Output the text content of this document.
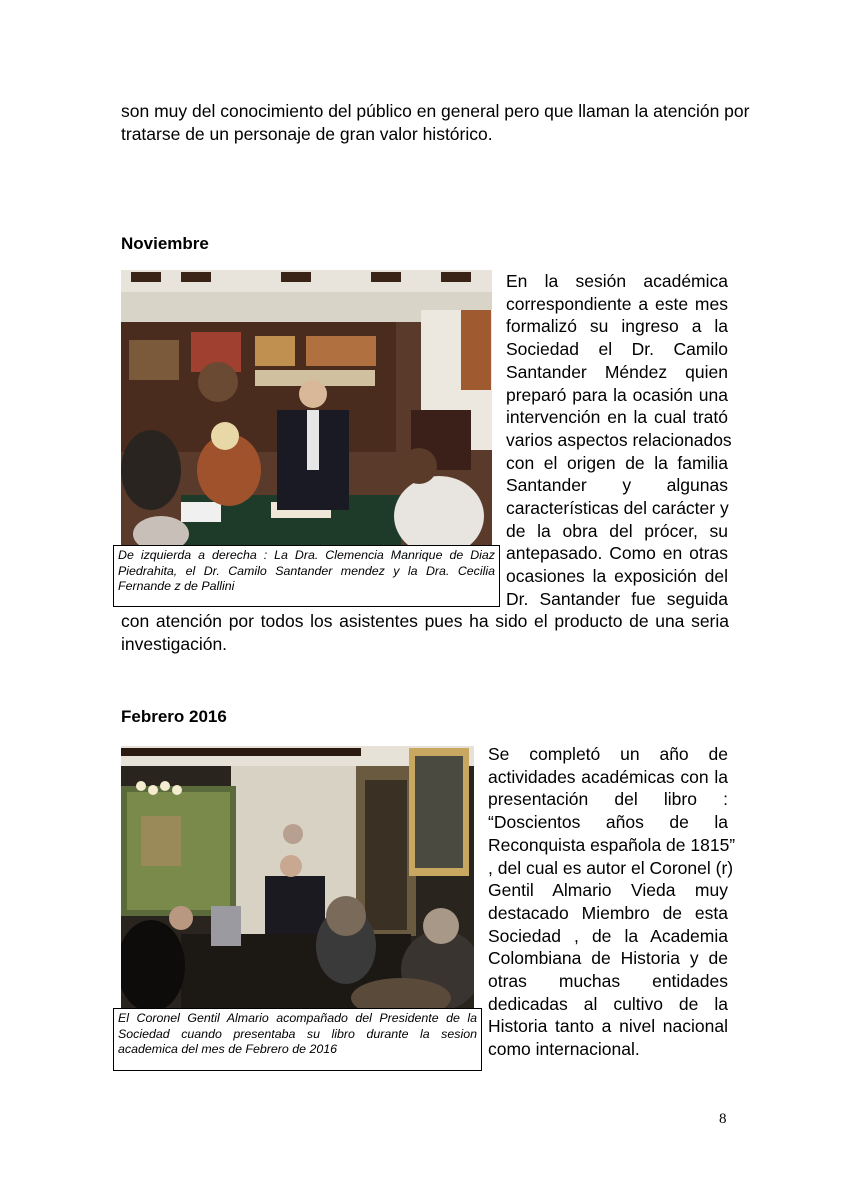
son muy del conocimiento del público en general pero que llaman la atención por
tratarse de un personaje de gran valor histórico.
Noviembre
De izquierda a derecha : La Dra. Clemencia Manrique de Diaz Piedrahita, el Dr. Camilo Santander mendez y la Dra. Cecilia Fernande z de Pallini
En la sesión académica
correspondiente a este mes
formalizó su ingreso a la
Sociedad el Dr. Camilo
Santander Méndez quien
preparó para la ocasión una
intervención en la cual trató
varios aspectos relacionados
con el origen de la familia
Santander y algunas
características del carácter y
de la obra del prócer, su
antepasado. Como en otras
ocasiones la exposición del
Dr. Santander fue seguida
con atención por todos los asistentes pues ha sido el producto de una seria
investigación.
Febrero 2016
El Coronel Gentil Almario acompañado del Presidente de la Sociedad cuando presentaba su libro durante la sesion academica del mes de Febrero de 2016
Se completó un año de
actividades académicas con la
presentación del libro :
“Doscientos años de la
Reconquista española de 1815”
, del cual es autor el Coronel (r)
Gentil Almario Vieda muy
destacado Miembro de esta
Sociedad , de la Academia
Colombiana de Historia y de
otras muchas entidades
dedicadas al cultivo de la
Historia tanto a nivel nacional
como internacional.
8
